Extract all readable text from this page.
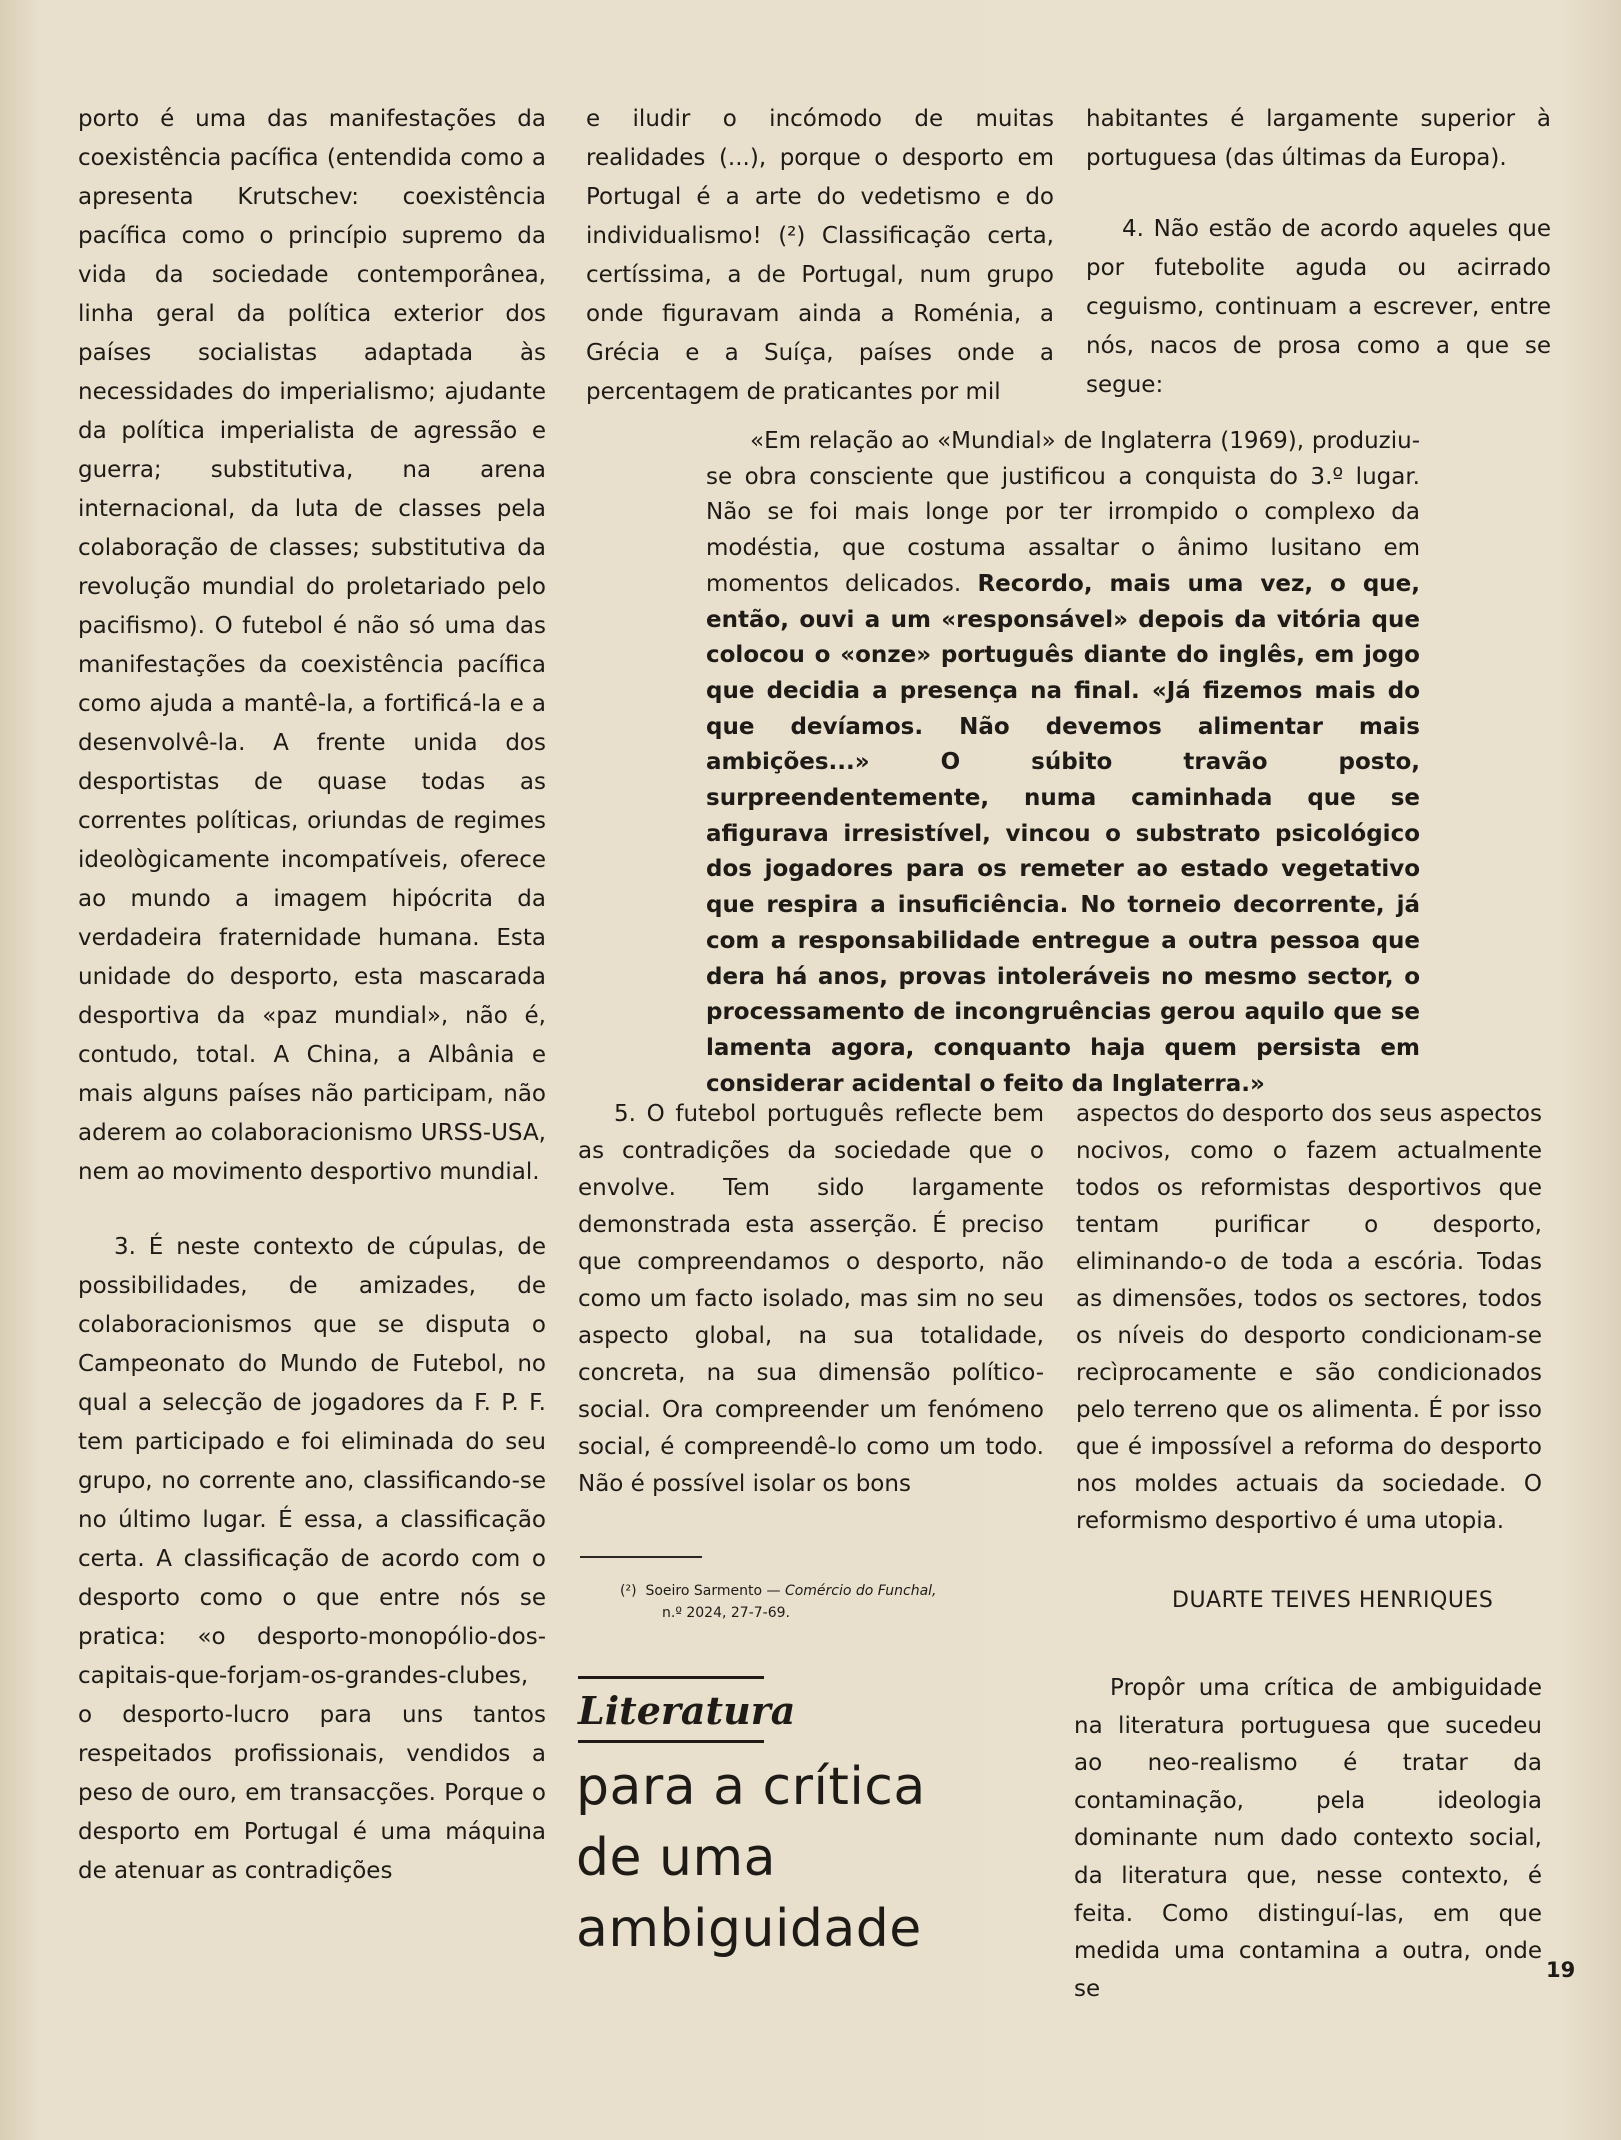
porto é uma das manifestações da coexistência pacífica (entendida como a apresenta Krutschev: coexistência pacífica como o princípio supremo da vida da sociedade contemporânea, linha geral da política exterior dos países socialistas adaptada às necessidades do imperialismo; ajudante da política imperialista de agressão e guerra; substitutiva, na arena internacional, da luta de classes pela colaboração de classes; substitutiva da revolução mundial do proletariado pelo pacifismo). O futebol é não só uma das manifestações da coexistência pacífica como ajuda a mantê-la, a fortificá-la e a desenvolvê-la. A frente unida dos desportistas de quase todas as correntes políticas, oriundas de regimes ideològicamente incompatíveis, oferece ao mundo a imagem hipócrita da verdadeira fraternidade humana. Esta unidade do desporto, esta mascarada desportiva da «paz mundial», não é, contudo, total. A China, a Albânia e mais alguns países não participam, não aderem ao colaboracionismo URSS-USA, nem ao movimento desportivo mundial.

3. É neste contexto de cúpulas, de possibilidades, de amizades, de colaboracionismos que se disputa o Campeonato do Mundo de Futebol, no qual a selecção de jogadores da F. P. F. tem participado e foi eliminada do seu grupo, no corrente ano, classificando-se no último lugar. É essa, a classificação certa. A classificação de acordo com o desporto como o que entre nós se pratica: «o desporto-monopólio-dos-capitais-que-forjam-os-grandes-clubes, o desporto-lucro para uns tantos respeitados profissionais, vendidos a peso de ouro, em transacções. Porque o desporto em Portugal é uma máquina de atenuar as contradições

e iludir o incómodo de muitas realidades (...), porque o desporto em Portugal é a arte do vedetismo e do individualismo! (²) Classificação certa, certíssima, a de Portugal, num grupo onde figuravam ainda a Roménia, a Grécia e a Suíça, países onde a percentagem de praticantes por mil

habitantes é largamente superior à portuguesa (das últimas da Europa).

4. Não estão de acordo aqueles que por futebolite aguda ou acirrado ceguismo, continuam a escrever, entre nós, nacos de prosa como a que se segue:

«Em relação ao «Mundial» de Inglaterra (1969), produziu-se obra consciente que justificou a conquista do 3.º lugar. Não se foi mais longe por ter irrompido o complexo da modéstia, que costuma assaltar o ânimo lusitano em momentos delicados. Recordo, mais uma vez, o que, então, ouvi a um «responsável» depois da vitória que colocou o «onze» português diante do inglês, em jogo que decidia a presença na final. «Já fizemos mais do que devíamos. Não devemos alimentar mais ambições...» O súbito travão posto, surpreendentemente, numa caminhada que se afigurava irresistível, vincou o substrato psicológico dos jogadores para os remeter ao estado vegetativo que respira a insuficiência. No torneio decorrente, já com a responsabilidade entregue a outra pessoa que dera há anos, provas intoleráveis no mesmo sector, o processamento de incongruências gerou aquilo que se lamenta agora, conquanto haja quem persista em considerar acidental o feito da Inglaterra.»

5. O futebol português reflecte bem as contradições da sociedade que o envolve. Tem sido largamente demonstrada esta asserção. É preciso que compreendamos o desporto, não como um facto isolado, mas sim no seu aspecto global, na sua totalidade, concreta, na sua dimensão político-social. Ora compreender um fenómeno social, é compreendê-lo como um todo. Não é possível isolar os bons

aspectos do desporto dos seus aspectos nocivos, como o fazem actualmente todos os reformistas desportivos que tentam purificar o desporto, eliminando-o de toda a escória. Todas as dimensões, todos os sectores, todos os níveis do desporto condicionam-se recìprocamente e são condicionados pelo terreno que os alimenta. É por isso que é impossível a reforma do desporto nos moldes actuais da sociedade. O reformismo desportivo é uma utopia.

(²) Soeiro Sarmento — Comércio do Funchal,
n.º 2024, 27-7-69.	DUARTE TEIVES HENRIQUES
Literatura
para a crítica
de uma
ambiguidade

Propôr uma crítica de ambiguidade na literatura portuguesa que sucedeu ao neo-realismo é tratar da contaminação, pela ideologia dominante num dado contexto social, da literatura que, nesse contexto, é feita. Como distinguí-las, em que medida uma contamina a outra, onde se

19
